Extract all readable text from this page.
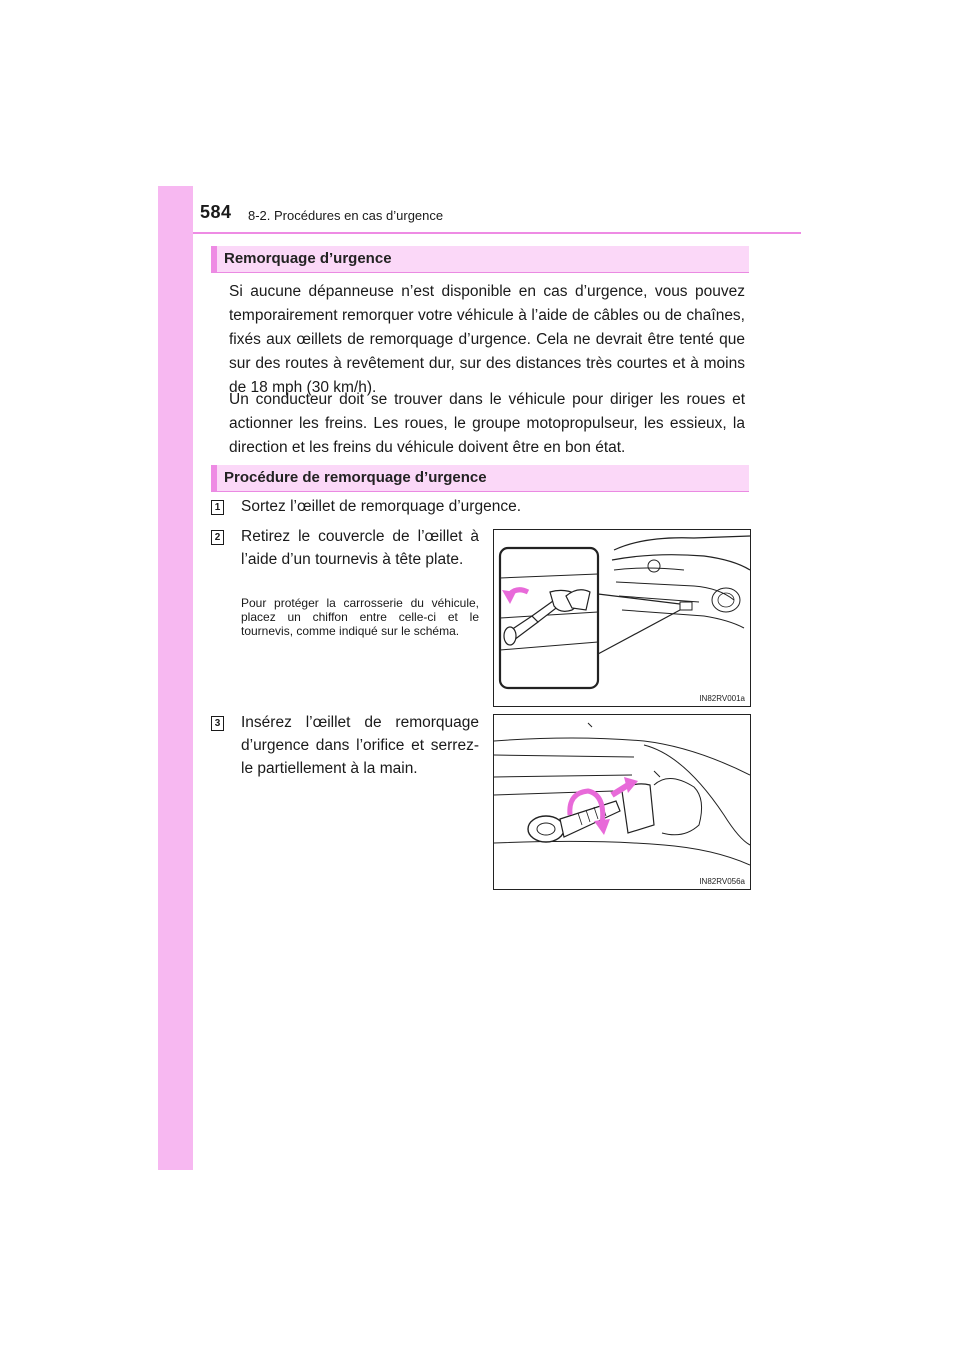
584 8-2. Procédures en cas d’urgence
Remorquage d’urgence
Si aucune dépanneuse n’est disponible en cas d’urgence, vous pouvez temporairement remorquer votre véhicule à l’aide de câbles ou de chaînes, fixés aux œillets de remorquage d’urgence. Cela ne devrait être tenté que sur des routes à revêtement dur, sur des distances très courtes et à moins de 18 mph (30 km/h).
Un conducteur doit se trouver dans le véhicule pour diriger les roues et actionner les freins. Les roues, le groupe motopropulseur, les essieux, la direction et les freins du véhicule doivent être en bon état.
Procédure de remorquage d’urgence
1 Sortez l’œillet de remorquage d’urgence.
2 Retirez le couvercle de l’œillet à l’aide d’un tournevis à tête plate.
Pour protéger la carrosserie du véhicule, placez un chiffon entre celle-ci et le tournevis, comme indiqué sur le schéma.
3 Insérez l’œillet de remorquage d’urgence dans l’orifice et serrez-le partiellement à la main.
IN82RV001a
IN82RV056a
